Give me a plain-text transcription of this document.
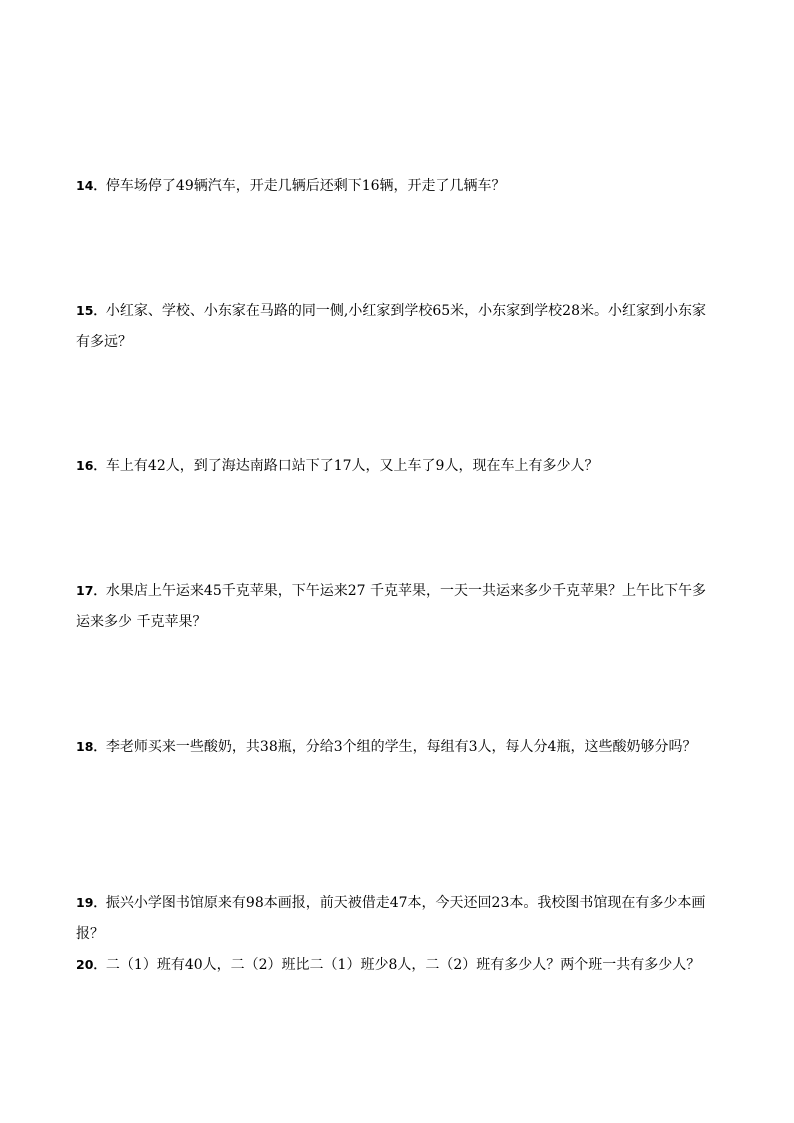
14．停车场停了49辆汽车，开走几辆后还剩下16辆，开走了几辆车？

15．小红家、学校、小东家在马路的同一侧,小红家到学校65米，小东家到学校28米。小红家到小东家有多远？

16．车上有42人，到了海达南路口站下了17人，又上车了9人，现在车上有多少人？

17．水果店上午运来45千克苹果，下午运来27 千克苹果，一天一共运来多少千克苹果？上午比下午多运来多少 千克苹果？

18．李老师买来一些酸奶，共38瓶，分给3个组的学生，每组有3人，每人分4瓶，这些酸奶够分吗？

19．振兴小学图书馆原来有98本画报，前天被借走47本，今天还回23本。我校图书馆现在有多少本画报？

20．二（1）班有40人，二（2）班比二（1）班少8人，二（2）班有多少人？两个班一共有多少人？
